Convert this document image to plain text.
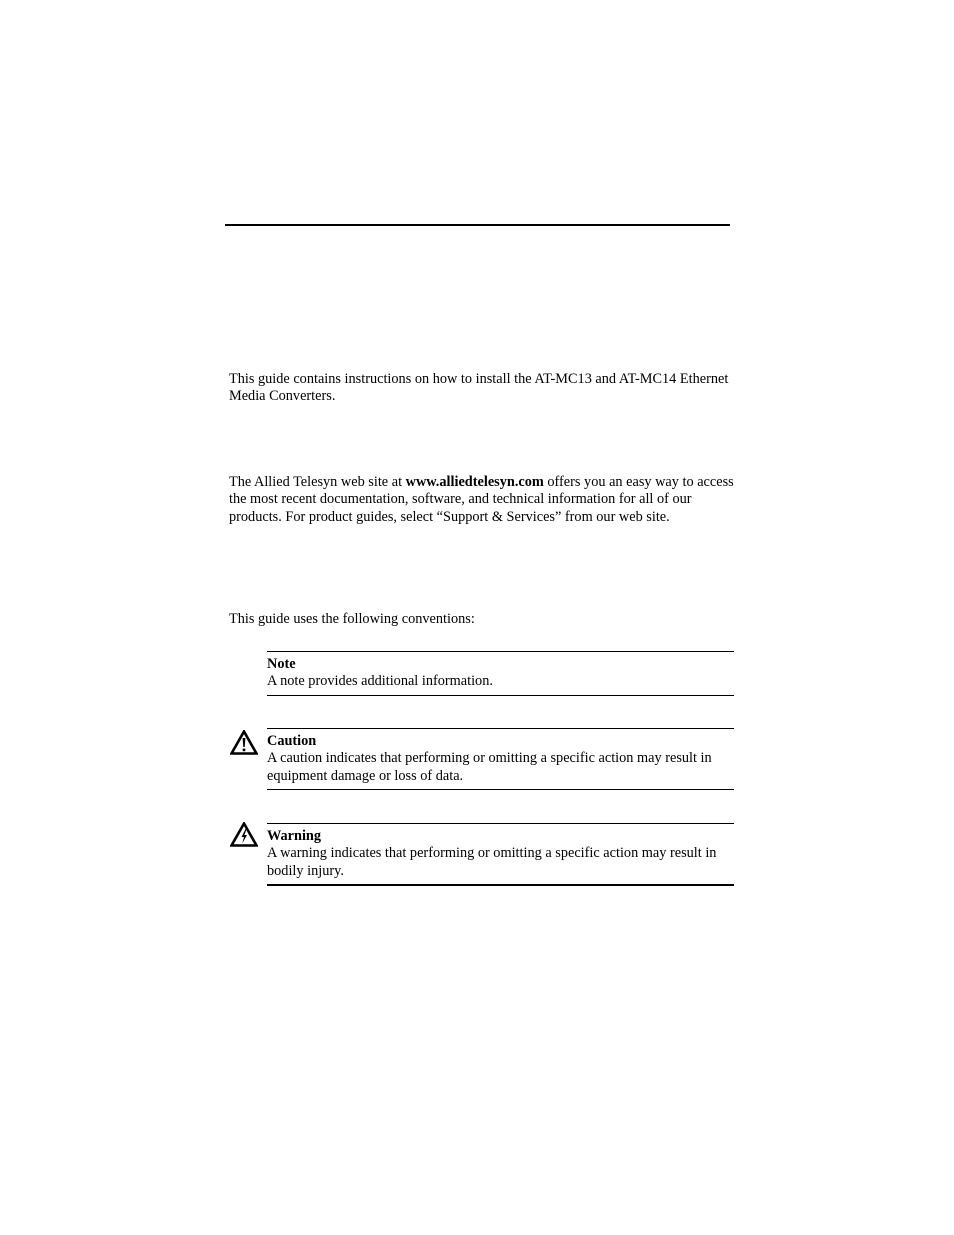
This guide contains instructions on how to install the AT-MC13 and AT-MC14 Ethernet Media Converters.

The Allied Telesyn web site at www.alliedtelesyn.com offers you an easy way to access the most recent documentation, software, and technical information for all of our products. For product guides, select “Support & Services” from our web site.

This guide uses the following conventions:

Note
A note provides additional information.
Caution
A caution indicates that performing or omitting a specific action may result in equipment damage or loss of data.
Warning
A warning indicates that performing or omitting a specific action may result in bodily injury.
